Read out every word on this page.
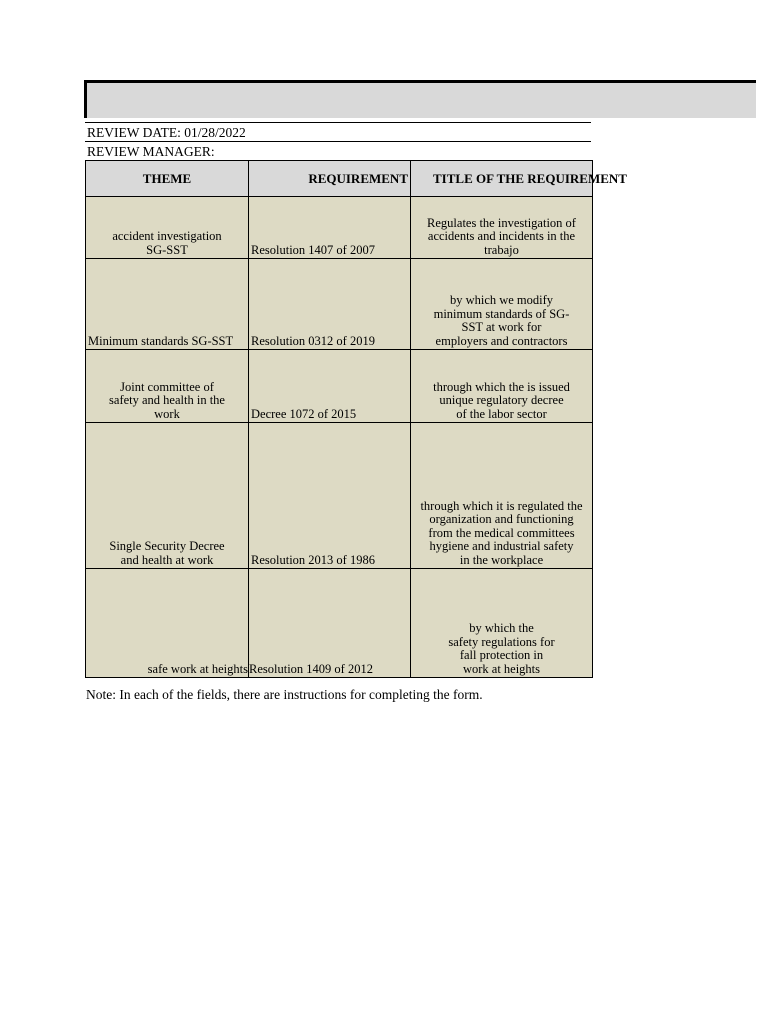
REVIEW DATE: 01/28/2022
REVIEW MANAGER:
THEME	REQUIREMENT	TITLE OF THE REQUIREMENT
accident investigation
SG-SST	Resolution 1407 of 2007	Regulates the investigation of
accidents and incidents in the
trabajo
Minimum standards SG-SST	Resolution 0312 of 2019	by which we modify
minimum standards of SG-
SST at work for
employers and contractors
Joint committee of
safety and health in the
work	Decree 1072 of 2015	through which the is issued
unique regulatory decree
of the labor sector
Single Security Decree
and health at work	Resolution 2013 of 1986	through which it is regulated the
organization and functioning
from the medical committees
hygiene and industrial safety
in the workplace
safe work at heights	Resolution 1409 of 2012	by which the
safety regulations for
fall protection in
work at heights
Note: In each of the fields, there are instructions for completing the form.
